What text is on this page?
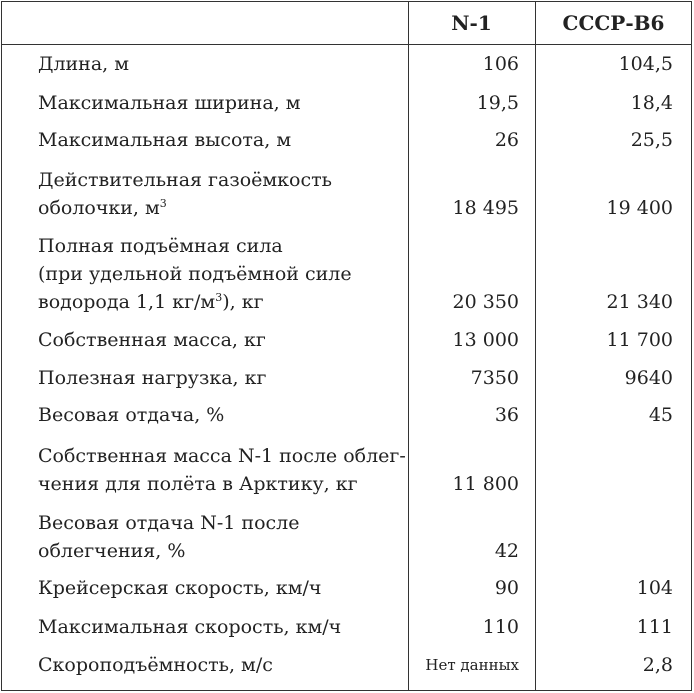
N-1	СССР-В6
Длина, м	106	104,5
Максимальная ширина, м	19,5	18,4
Максимальная высота, м	26	25,5
Действительная газоёмкость
оболочки, $м^3$	18 495	19 400
Полная подъёмная сила
(при удельной подъёмной силе
водорода 1,1 $кг/м^3$), кг	20 350	21 340
Собственная масса, кг	13 000	11 700
Полезная нагрузка, кг	7350	9640
Весовая отдача, %	36	45
Собственная масса N-1 после облег-
чения для полёта в Арктику, кг	11 800
Весовая отдача N-1 после
облегчения, %	42
Крейсерская скорость, км/ч	90	104
Максимальная скорость, км/ч	110	111
Скороподъёмность, м/с	Нет данных	2,8
